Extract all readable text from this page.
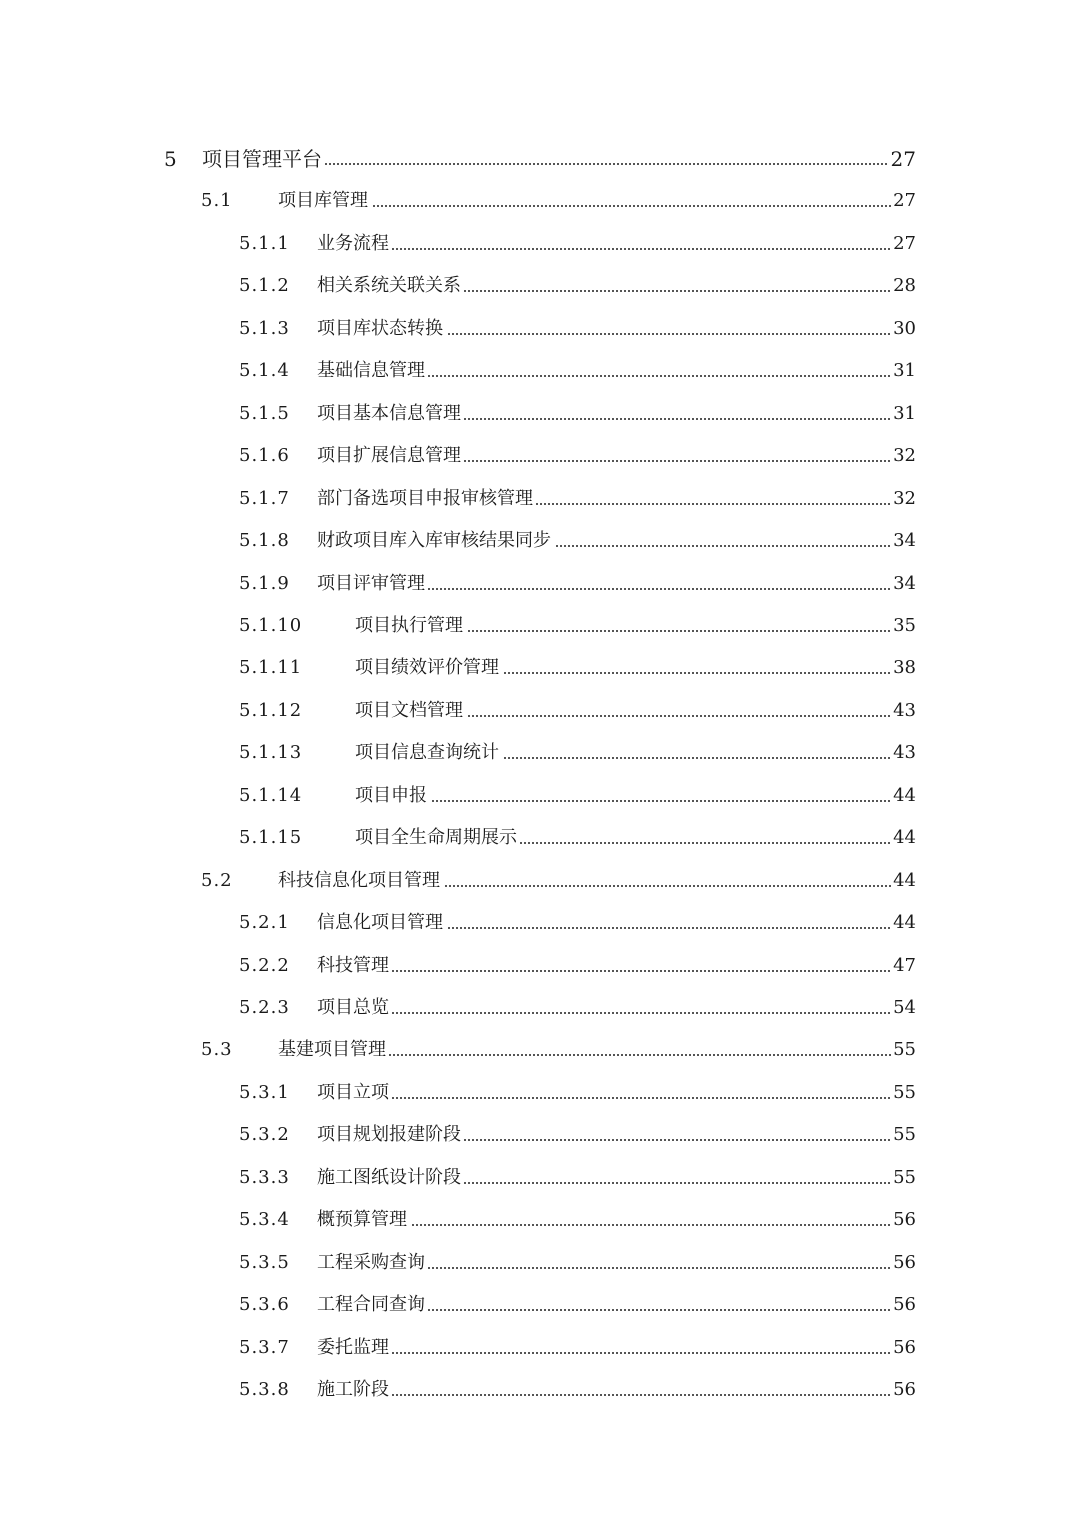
5 项目管理平台	27
5.1	项目库管理	27
5.1.1 业务流程	27
5.1.2 相关系统关联关系	28
5.1.3 项目库状态转换	30
5.1.4 基础信息管理	31
5.1.5 项目基本信息管理	31
5.1.6 项目扩展信息管理	32
5.1.7 部门备选项目申报审核管理	32
5.1.8 财政项目库入库审核结果同步	34
5.1.9 项目评审管理	34
5.1.10	项目执行管理	35
5.1.11	项目绩效评价管理	38
5.1.12	项目文档管理	43
5.1.13	项目信息查询统计	43
5.1.14	项目申报	44
5.1.15	项目全生命周期展示	44
5.2	科技信息化项目管理	44
5.2.1 信息化项目管理	44
5.2.2 科技管理	47
5.2.3 项目总览	54
5.3	基建项目管理	55
5.3.1 项目立项	55
5.3.2 项目规划报建阶段	55
5.3.3 施工图纸设计阶段	55
5.3.4 概预算管理	56
5.3.5 工程采购查询	56
5.3.6 工程合同查询	56
5.3.7 委托监理	56
5.3.8 施工阶段	56
